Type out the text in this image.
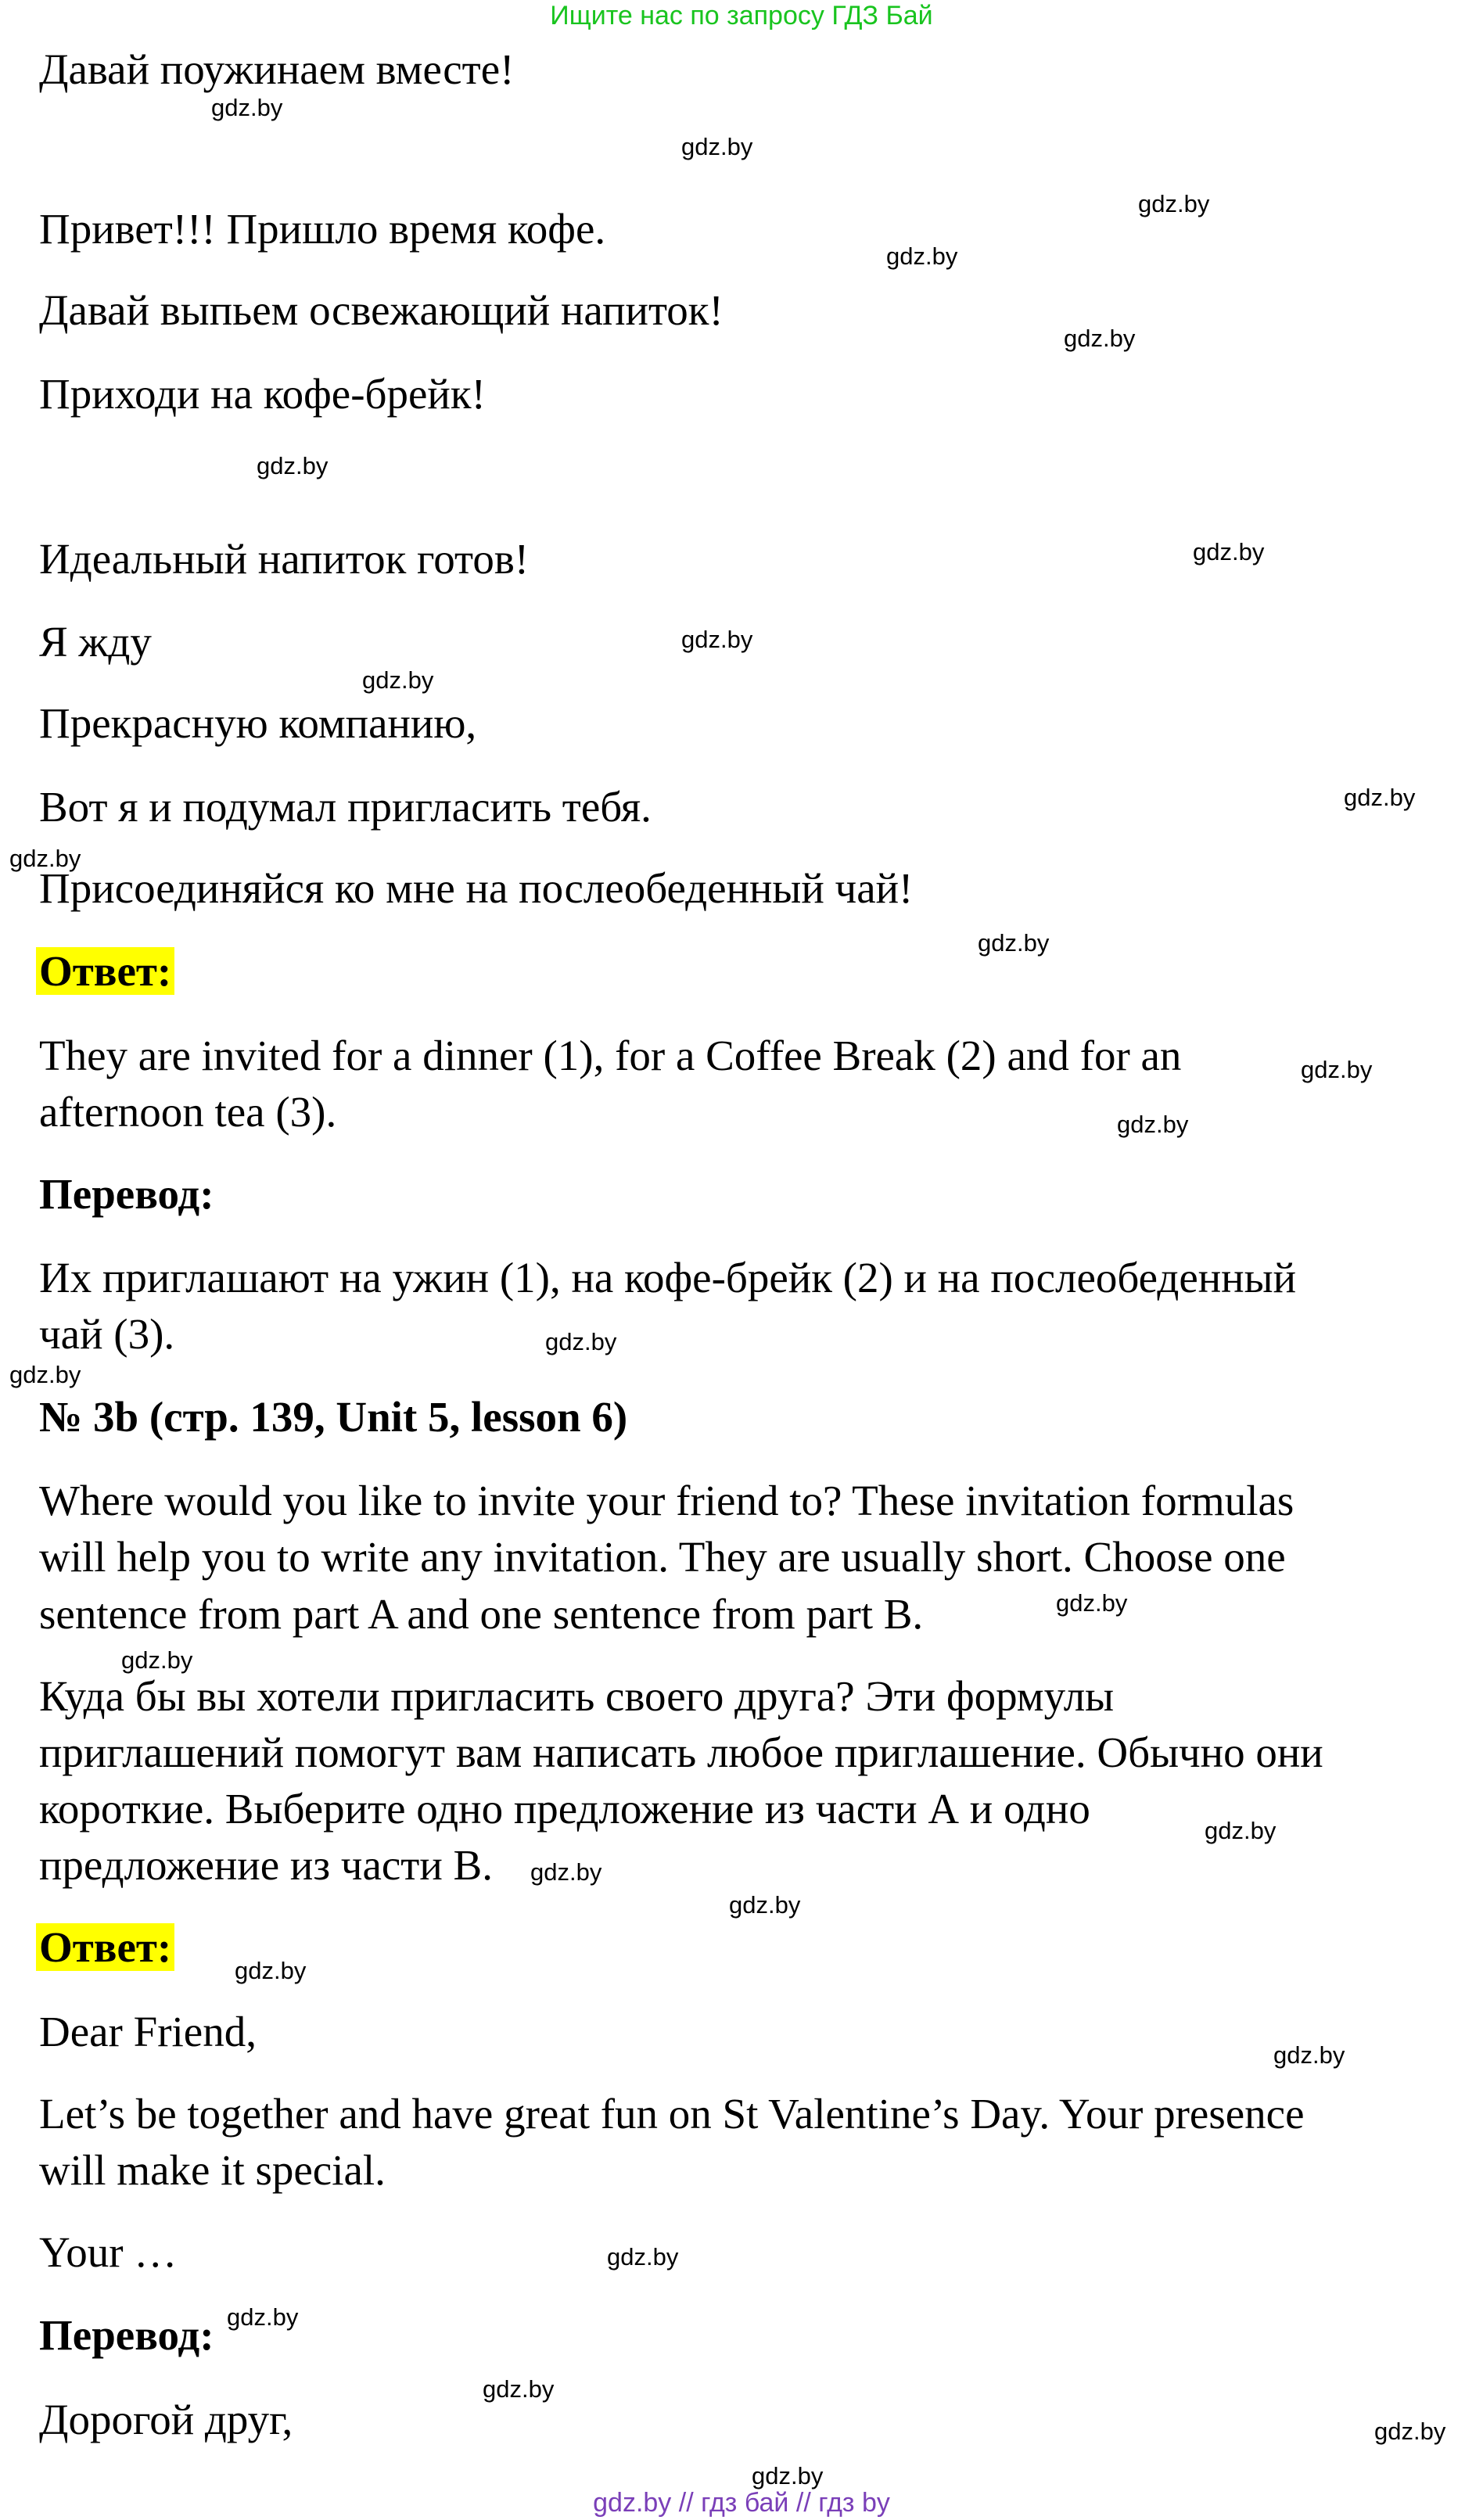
Ищите нас по запросу ГДЗ Бай
Давай поужинаем вместе!
Привет!!! Пришло время кофе.
Давай выпьем освежающий напиток!
Приходи на кофе-брейк!
Идеальный напиток готов!
Я жду
Прекрасную компанию,
Вот я и подумал пригласить тебя.
Присоединяйся ко мне на послеобеденный чай!
Ответ:
They are invited for a dinner (1), for a Coffee Break (2) and for an
afternoon tea (3).
Перевод:
Их приглашают на ужин (1), на кофе-брейк (2) и на послеобеденный
чай (3).
№ 3b (стр. 139, Unit 5, lesson 6)
Where would you like to invite your friend to? These invitation formulas
will help you to write any invitation. They are usually short. Choose one
sentence from part A and one sentence from part B.
Куда бы вы хотели пригласить своего друга? Эти формулы
приглашений помогут вам написать любое приглашение. Обычно они
короткие. Выберите одно предложение из части А и одно
предложение из части В.
Ответ:
Dear Friend,
Let’s be together and have great fun on St Valentine’s Day. Your presence
will make it special.
Your …
Перевод:
Дорогой друг,
gdz.by
gdz.by
gdz.by
gdz.by
gdz.by
gdz.by
gdz.by
gdz.by
gdz.by
gdz.by
gdz.by
gdz.by
gdz.by
gdz.by
gdz.by
gdz.by
gdz.by
gdz.by
gdz.by
gdz.by
gdz.by
gdz.by
gdz.by
gdz.by
gdz.by
gdz.by
gdz.by
gdz.by
gdz.by // гдз бай // гдз by
